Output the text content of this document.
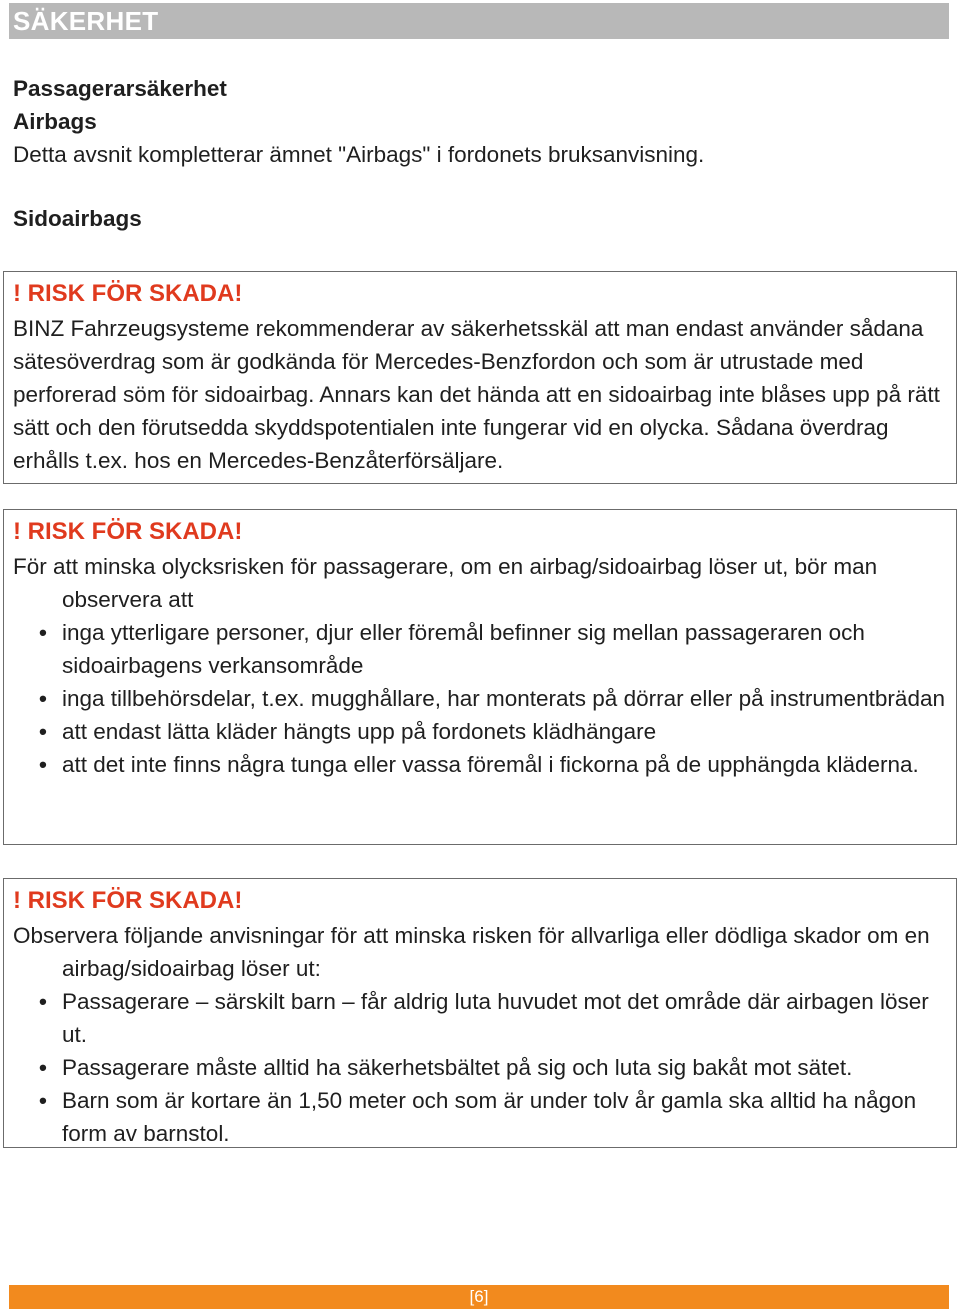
SÄKERHET
Passagerarsäkerhet
Airbags
Detta avsnit kompletterar ämnet "Airbags" i fordonets bruksanvisning.
Sidoairbags
! RISK FÖR SKADA!

BINZ Fahrzeugsysteme rekommenderar av säkerhetsskäl att man endast använder sådana sätesöverdrag som är godkända för Mercedes-Benzfordon och som är utrustade med perforerad söm för sidoairbag. Annars kan det hända att en sidoairbag inte blåses upp på rätt sätt och den förutsedda skyddspotentialen inte fungerar vid en olycka. Sådana överdrag erhålls t.ex. hos en Mercedes-Benzåterförsäljare.

! RISK FÖR SKADA!

För att minska olycksrisken för passagerare, om en airbag/sidoairbag löser ut, bör man observera att

• inga ytterligare personer, djur eller föremål befinner sig mellan passageraren och sidoairbagens verkansområde
• inga tillbehörsdelar, t.ex. mugghållare, har monterats på dörrar eller på instrumentbrädan
• att endast lätta kläder hängts upp på fordonets klädhängare
• att det inte finns några tunga eller vassa föremål i fickorna på de upphängda kläderna.
! RISK FÖR SKADA!

Observera följande anvisningar för att minska risken för allvarliga eller dödliga skador om en airbag/sidoairbag löser ut:

• Passagerare – särskilt barn – får aldrig luta huvudet mot det område där airbagen löser ut.
• Passagerare måste alltid ha säkerhetsbältet på sig och luta sig bakåt mot sätet.
• Barn som är kortare än 1,50 meter och som är under tolv år gamla ska alltid ha någon form av barnstol.
[6]
